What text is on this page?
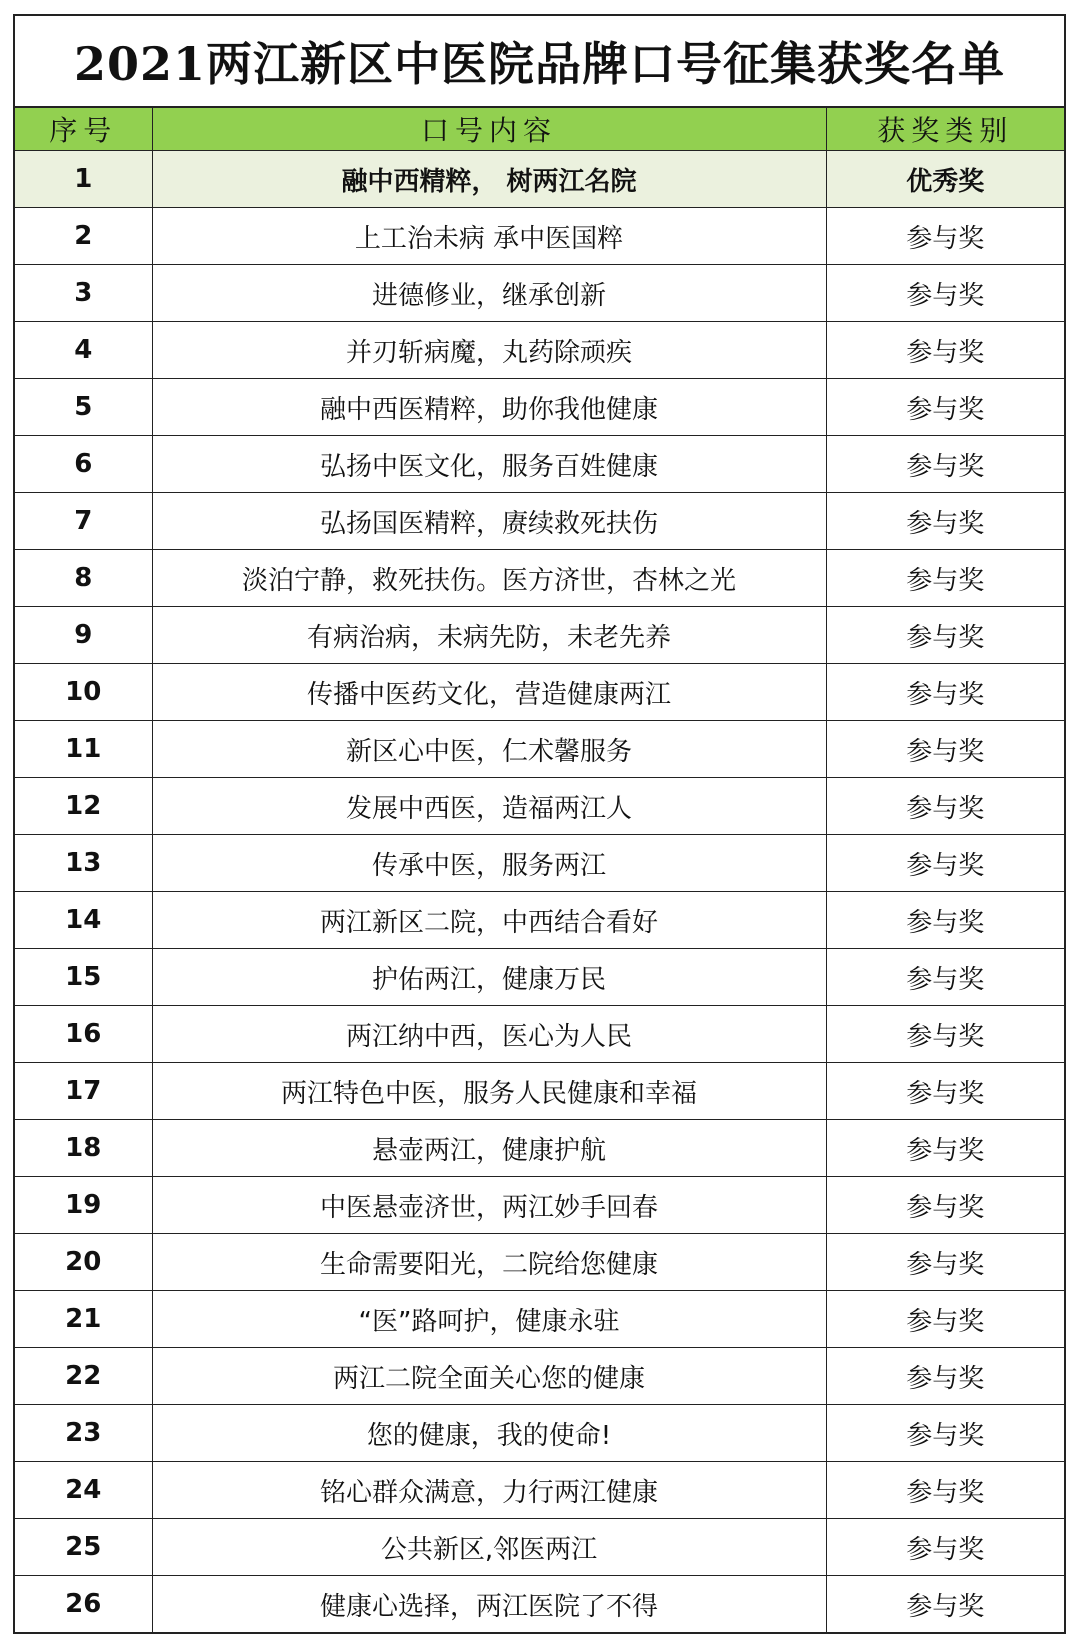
2021两江新区中医院品牌口号征集获奖名单
序号	口号内容	获奖类别
1	融中西精粹， 树两江名院	优秀奖
2	上工治未病 承中医国粹	参与奖
3	进德修业，继承创新	参与奖
4	并刃斩病魔，丸药除顽疾	参与奖
5	融中西医精粹，助你我他健康	参与奖
6	弘扬中医文化，服务百姓健康	参与奖
7	弘扬国医精粹，赓续救死扶伤	参与奖
8	淡泊宁静，救死扶伤。医方济世，杏林之光	参与奖
9	有病治病，未病先防，未老先养	参与奖
10	传播中医药文化，营造健康两江	参与奖
11	新区心中医，仁术馨服务	参与奖
12	发展中西医，造福两江人	参与奖
13	传承中医，服务两江	参与奖
14	两江新区二院，中西结合看好	参与奖
15	护佑两江，健康万民	参与奖
16	两江纳中西，医心为人民	参与奖
17	两江特色中医，服务人民健康和幸福	参与奖
18	悬壶两江，健康护航	参与奖
19	中医悬壶济世，两江妙手回春	参与奖
20	生命需要阳光，二院给您健康	参与奖
21	“医”路呵护，健康永驻	参与奖
22	两江二院全面关心您的健康	参与奖
23	您的健康，我的使命!	参与奖
24	铭心群众满意，力行两江健康	参与奖
25	公共新区,邻医两江	参与奖
26	健康心选择，两江医院了不得	参与奖
